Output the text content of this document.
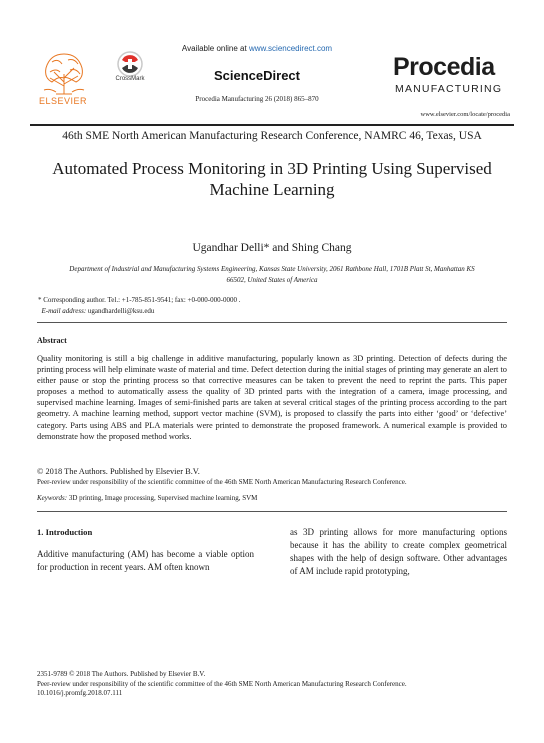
ELSEVIER
CrossMark
Available online at www.sciencedirect.com
ScienceDirect
Procedia Manufacturing 26 (2018) 865–870
Procedia
MANUFACTURING
www.elsevier.com/locate/procedia
46th SME North American Manufacturing Research Conference, NAMRC 46, Texas, USA
Automated Process Monitoring in 3D Printing Using Supervised
Machine Learning
Ugandhar Delli* and Shing Chang
Department of Industrial and Manufacturing Systems Engineering, Kansas State University, 2061 Rathbone Hall, 1701B Platt St, Manhattan KS
66502, United States of America
* Corresponding author. Tel.: +1-785-851-9541; fax: +0-000-000-0000 .
E-mail address: ugandhardelli@ksu.edu
Abstract
Quality monitoring is still a big challenge in additive manufacturing, popularly known as 3D printing. Detection of defects during the printing process will help eliminate waste of material and time. Defect detection during the initial stages of printing may generate an alert to either pause or stop the printing process so that corrective measures can be taken to prevent the need to reprint the parts. This paper proposes a method to automatically assess the quality of 3D printed parts with the integration of a camera, image processing, and supervised machine learning. Images of semi-finished parts are taken at several critical stages of the printing process according to the part geometry. A machine learning method, support vector machine (SVM), is proposed to classify the parts into either ‘good’ or ‘defective’ category. Parts using ABS and PLA materials were printed to demonstrate the proposed framework. A numerical example is provided to demonstrate how the proposed method works.
© 2018 The Authors. Published by Elsevier B.V.
Peer-review under responsibility of the scientific committee of the 46th SME North American Manufacturing Research Conference.
Keywords: 3D printing, Image processing, Supervised machine learning, SVM
1. Introduction
Additive manufacturing (AM) has become a viable option for production in recent years. AM often known
as 3D printing allows for more manufacturing options because it has the ability to create complex geometrical shapes with the help of design software. Other advantages of AM include rapid prototyping,
2351-9789 © 2018 The Authors. Published by Elsevier B.V.
Peer-review under responsibility of the scientific committee of the 46th SME North American Manufacturing Research Conference.
10.1016/j.promfg.2018.07.111
